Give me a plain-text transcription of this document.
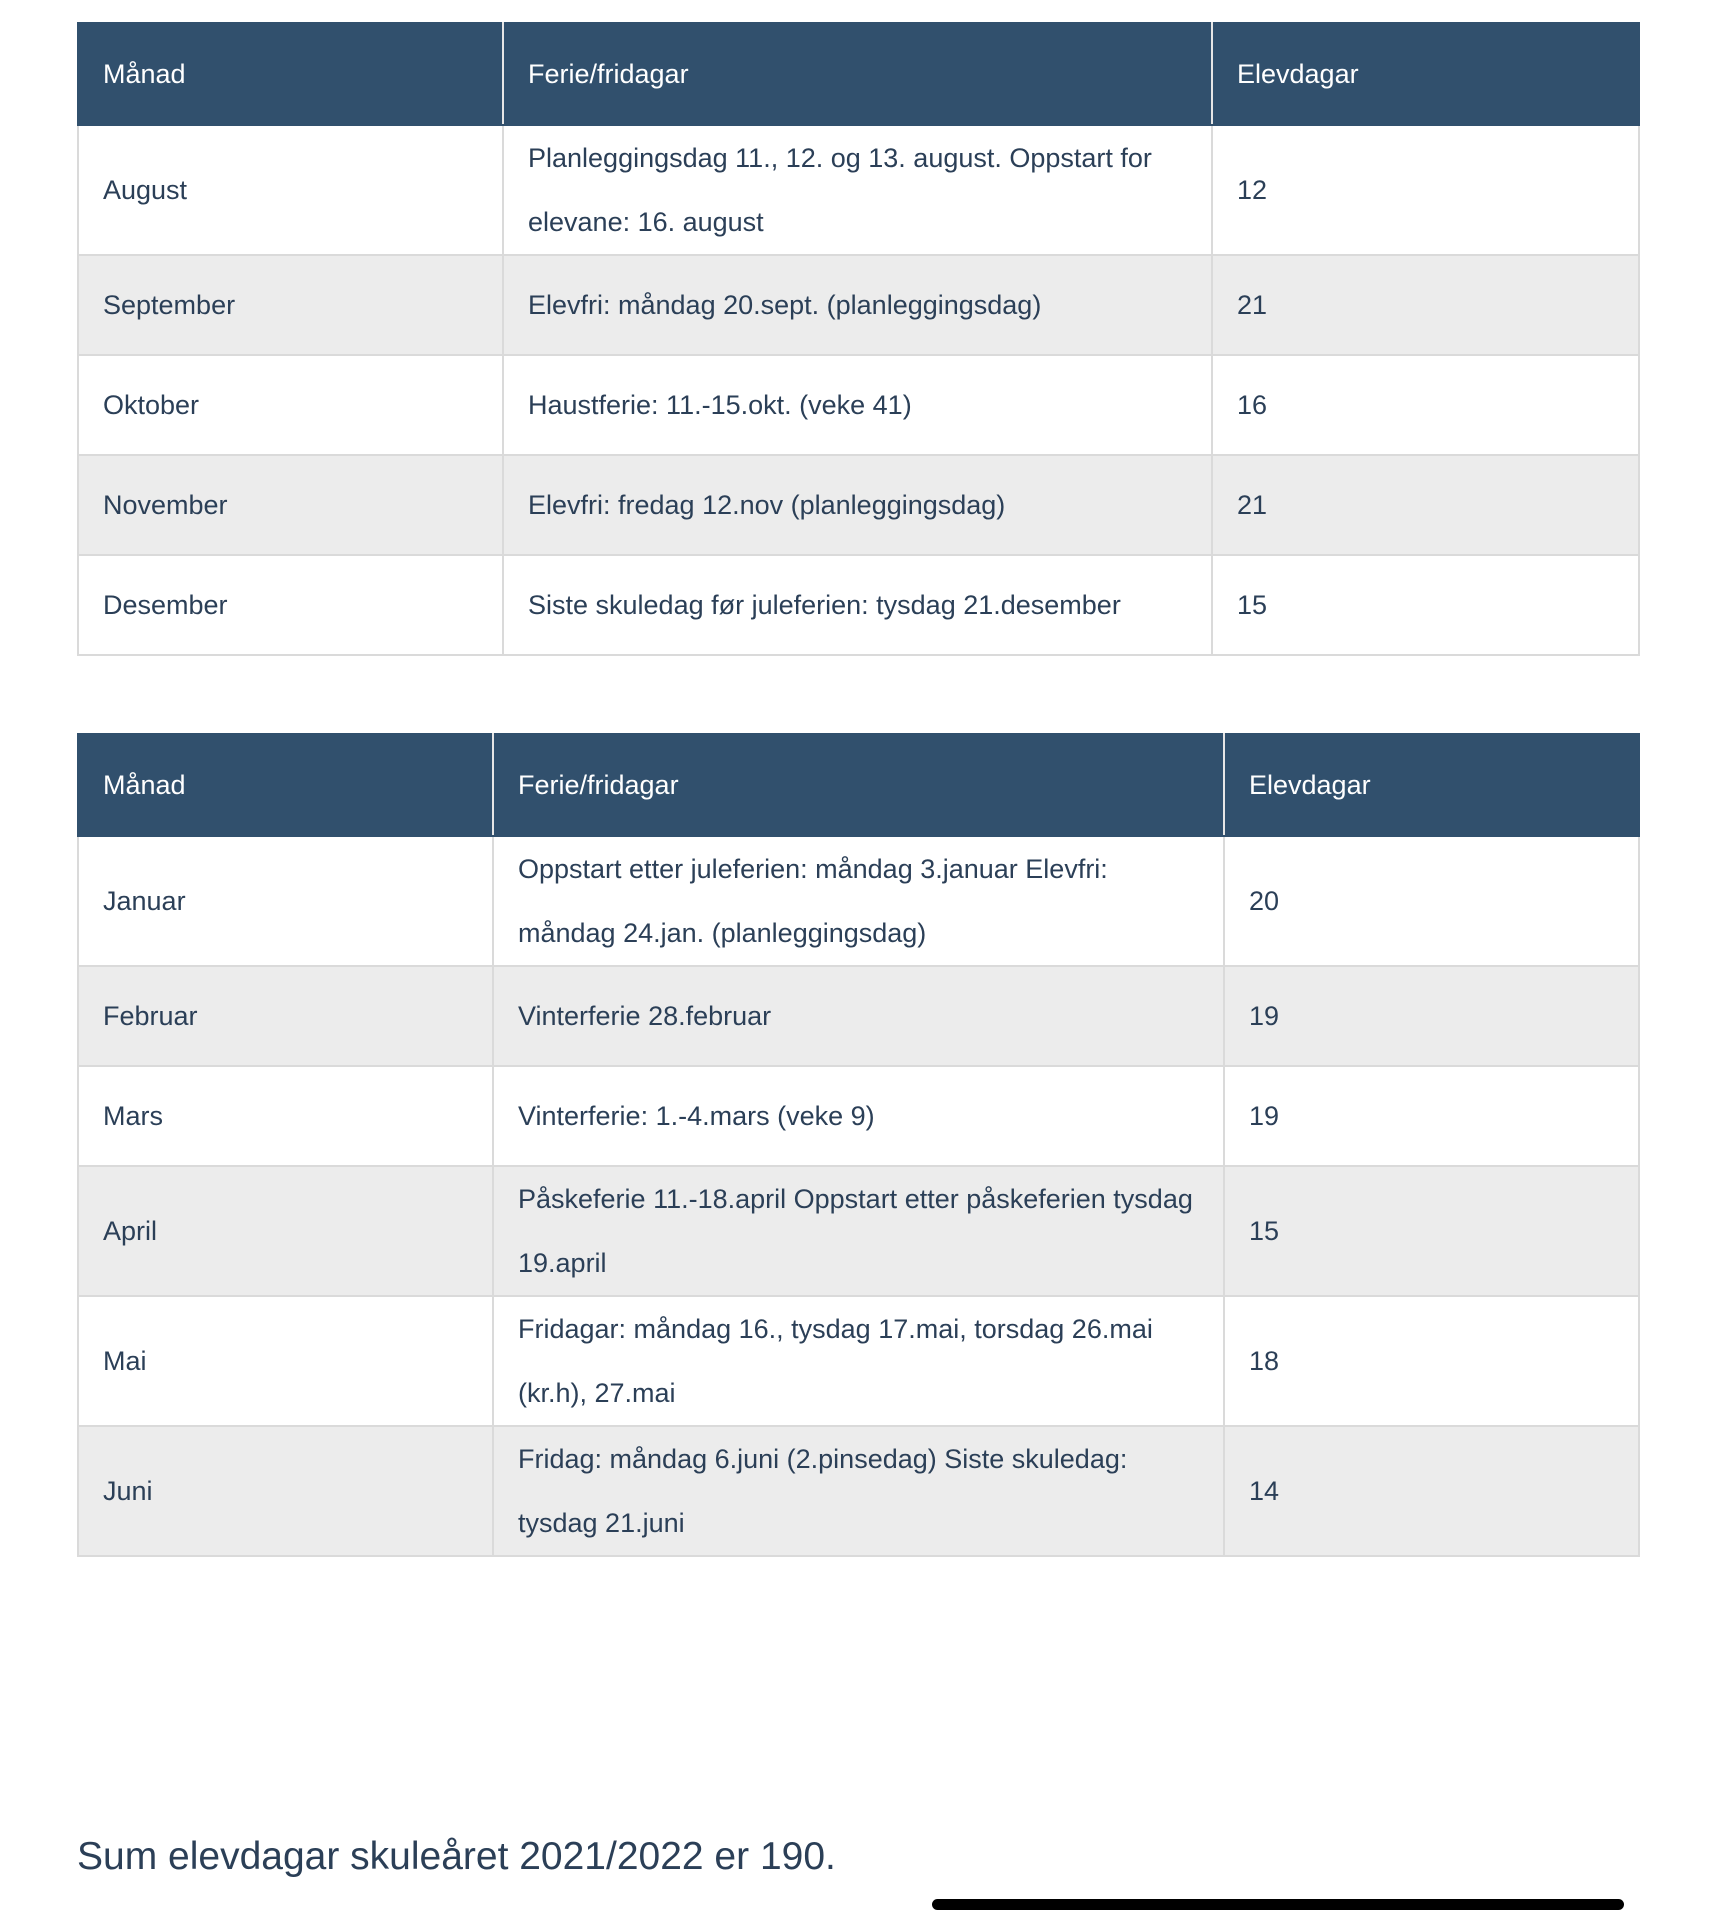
Månad	Ferie/fridagar	Elevdagar
August	Planleggingsdag 11., 12. og 13. august. Oppstart for elevane: 16. august	12
September	Elevfri: måndag 20.sept. (planleggingsdag)	21
Oktober	Haustferie: 11.-15.okt. (veke 41)	16
November	Elevfri: fredag 12.nov (planleggingsdag)	21
Desember	Siste skuledag før juleferien: tysdag 21.desember	15
Månad	Ferie/fridagar	Elevdagar
Januar	Oppstart etter juleferien: måndag 3.januar Elevfri: måndag 24.jan. (planleggingsdag)	20
Februar	Vinterferie 28.februar	19
Mars	Vinterferie: 1.-4.mars (veke 9)	19
April	Påskeferie 11.-18.april Oppstart etter påskeferien tysdag 19.april	15
Mai	Fridagar: måndag 16., tysdag 17.mai, torsdag 26.mai (kr.h), 27.mai	18
Juni	Fridag: måndag 6.juni (2.pinsedag) Siste skuledag: tysdag 21.juni	14

Sum elevdagar skuleåret 2021/2022 er 190.
